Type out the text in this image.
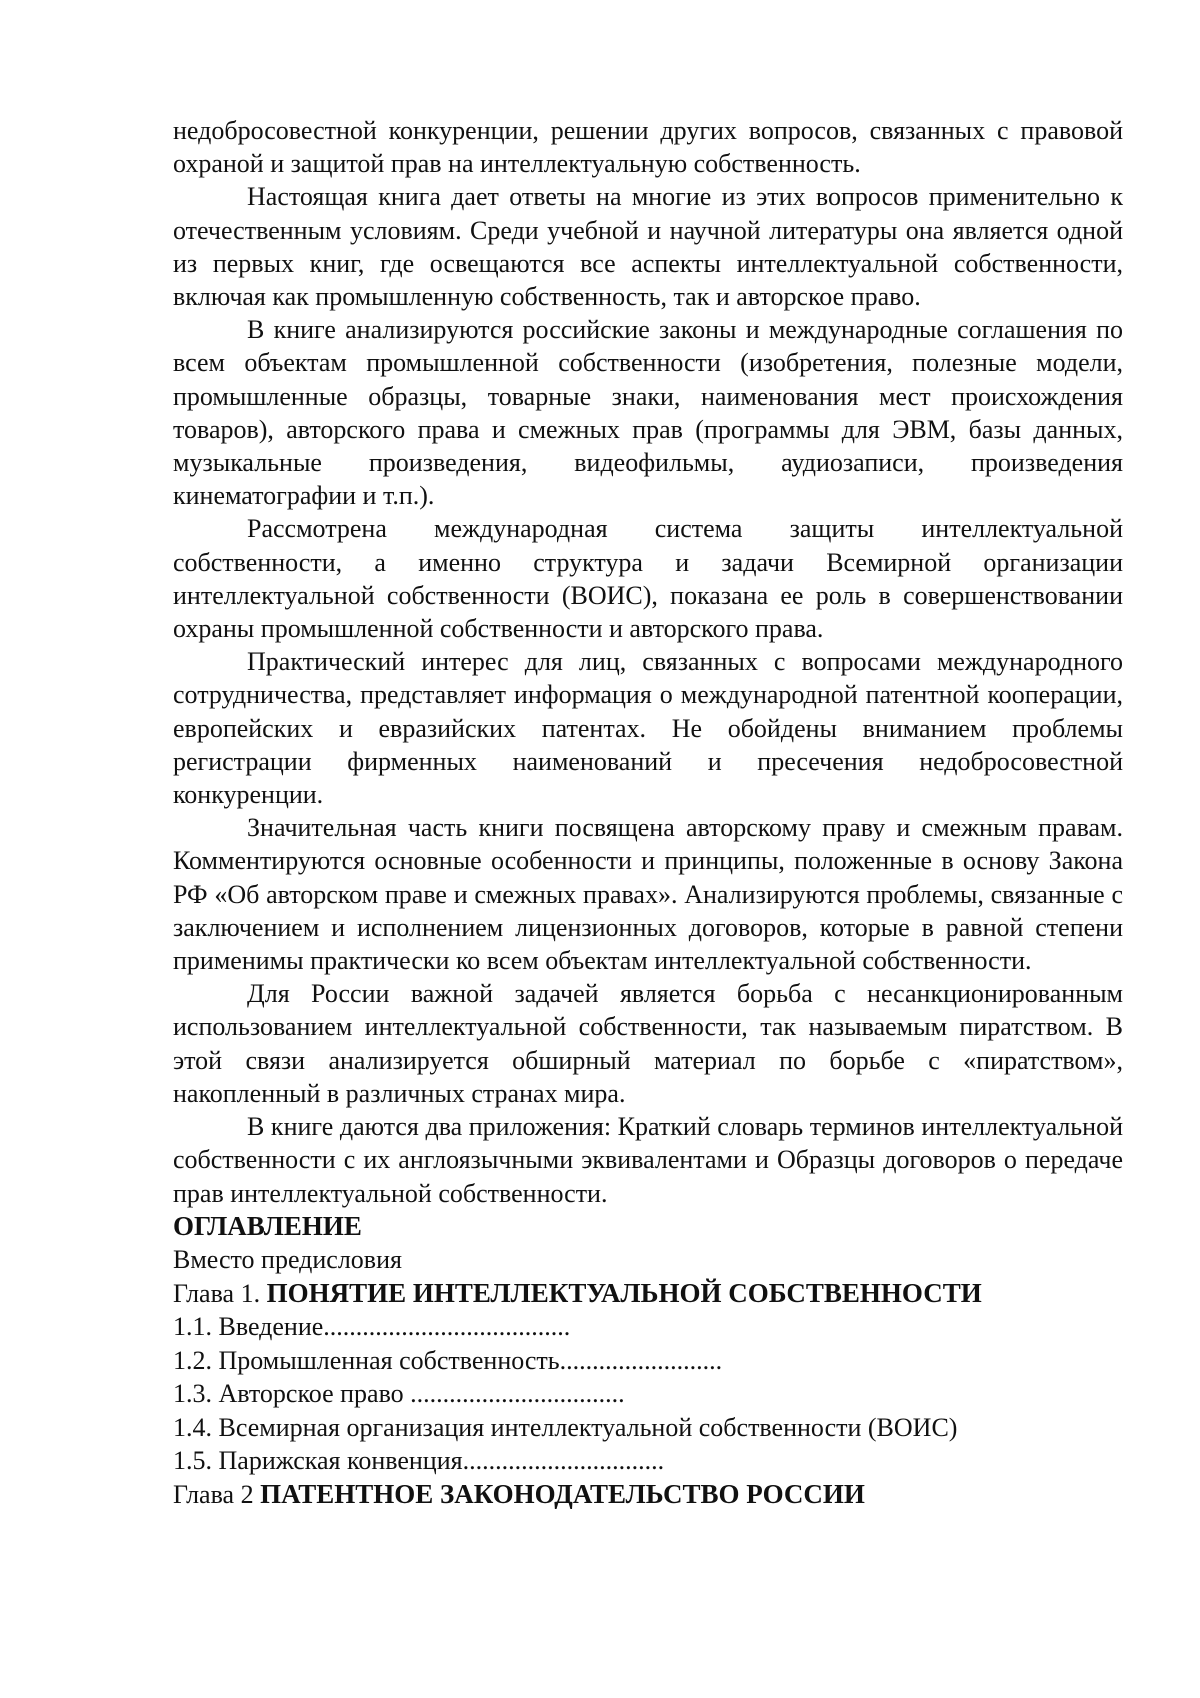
недобросовестной конкуренции, решении других вопросов, связанных с правовой охраной и защитой прав на интеллектуальную собственность.

Настоящая книга дает ответы на многие из этих вопросов применительно к отечественным условиям. Среди учебной и научной литературы она является одной из первых книг, где освещаются все аспекты интеллектуальной собственности, включая как промышленную собственность, так и авторское право.

В книге анализируются российские законы и международные соглашения по всем объектам промышленной собственности (изобретения, полезные модели, промышленные образцы, товарные знаки, наименования мест происхождения товаров), авторского права и смежных прав (программы для ЭВМ, базы данных, музыкальные произведения, видеофильмы, аудиозаписи, произведения кинематографии и т.п.).

Рассмотрена международная система защиты интеллектуальной собственности, а именно структура и задачи Всемирной организации интеллектуальной собственности (ВОИС), показана ее роль в совершенствовании охраны промышленной собственности и авторского права.

Практический интерес для лиц, связанных с вопросами международного сотрудничества, представляет информация о международной патентной кооперации, европейских и евразийских патентах. Не обойдены вниманием проблемы регистрации фирменных наименований и пресечения недобросовестной конкуренции.

Значительная часть книги посвящена авторскому праву и смежным правам. Комментируются основные особенности и принципы, положенные в основу Закона РФ «Об авторском праве и смежных правах». Анализируются проблемы, связанные с заключением и исполнением лицензионных договоров, которые в равной степени применимы практически ко всем объектам интеллектуальной собственности.

Для России важной задачей является борьба с несанкционированным использованием интеллектуальной собственности, так называемым пиратством. В этой связи анализируется обширный материал по борьбе с «пиратством», накопленный в различных странах мира.

В книге даются два приложения: Краткий словарь терминов интеллектуальной собственности с их англоязычными эквивалентами и Образцы договоров о передаче прав интеллектуальной собственности.

ОГЛАВЛЕНИЕ

Вместо предисловия

Глава 1. ПОНЯТИЕ ИНТЕЛЛЕКТУАЛЬНОЙ СОБСТВЕННОСТИ

1.1. Введение......................................

1.2. Промышленная собственность.........................

1.3. Авторское право .................................

1.4. Всемирная организация интеллектуальной собственности (ВОИС)

1.5. Парижская конвенция...............................

Глава 2 ПАТЕНТНОЕ ЗАКОНОДАТЕЛЬСТВО РОССИИ
